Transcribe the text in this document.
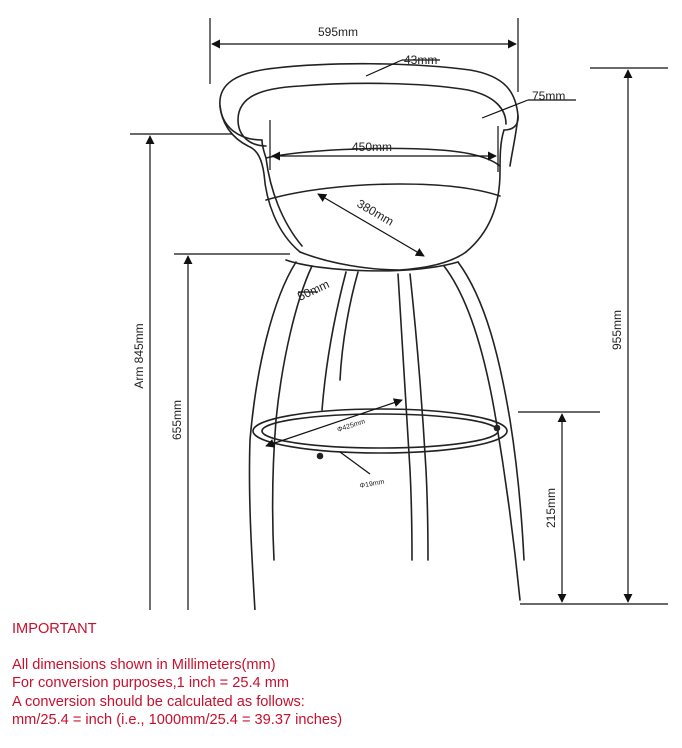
595mm
43mm
75mm
450mm
380mm
50mm
Φ425mm
Φ19mm
Arm 845mm
655mm
955mm
215mm
IMPORTANT
All dimensions shown in Millimeters(mm)
For conversion purposes,1 inch = 25.4 mm
A conversion should be calculated as follows:
mm/25.4 = inch (i.e., 1000mm/25.4 = 39.37 inches)
